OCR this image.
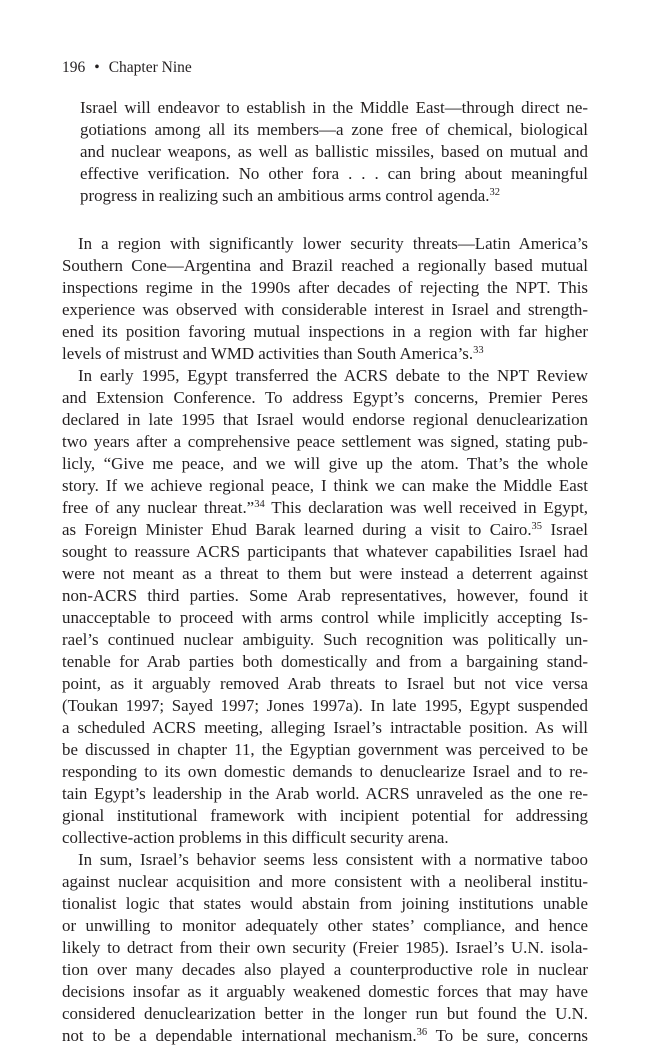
196 • Chapter Nine
Israel will endeavor to establish in the Middle East—through direct ne-
gotiations among all its members—a zone free of chemical, biological
and nuclear weapons, as well as ballistic missiles, based on mutual and
effective verification. No other fora . . . can bring about meaningful
progress in realizing such an ambitious arms control agenda.$^{32}$
In a region with significantly lower security threats—Latin America’s
Southern Cone—Argentina and Brazil reached a regionally based mutual
inspections regime in the 1990s after decades of rejecting the NPT. This
experience was observed with considerable interest in Israel and strength-
ened its position favoring mutual inspections in a region with far higher
levels of mistrust and WMD activities than South America’s.$^{33}$
In early 1995, Egypt transferred the ACRS debate to the NPT Review
and Extension Conference. To address Egypt’s concerns, Premier Peres
declared in late 1995 that Israel would endorse regional denuclearization
two years after a comprehensive peace settlement was signed, stating pub-
licly, “Give me peace, and we will give up the atom. That’s the whole
story. If we achieve regional peace, I think we can make the Middle East
free of any nuclear threat.”$^{34}$ This declaration was well received in Egypt,
as Foreign Minister Ehud Barak learned during a visit to Cairo.$^{35}$ Israel
sought to reassure ACRS participants that whatever capabilities Israel had
were not meant as a threat to them but were instead a deterrent against
non-ACRS third parties. Some Arab representatives, however, found it
unacceptable to proceed with arms control while implicitly accepting Is-
rael’s continued nuclear ambiguity. Such recognition was politically un-
tenable for Arab parties both domestically and from a bargaining stand-
point, as it arguably removed Arab threats to Israel but not vice versa
(Toukan 1997; Sayed 1997; Jones 1997a). In late 1995, Egypt suspended
a scheduled ACRS meeting, alleging Israel’s intractable position. As will
be discussed in chapter 11, the Egyptian government was perceived to be
responding to its own domestic demands to denuclearize Israel and to re-
tain Egypt’s leadership in the Arab world. ACRS unraveled as the one re-
gional institutional framework with incipient potential for addressing
collective-action problems in this difficult security arena.
In sum, Israel’s behavior seems less consistent with a normative taboo
against nuclear acquisition and more consistent with a neoliberal institu-
tionalist logic that states would abstain from joining institutions unable
or unwilling to monitor adequately other states’ compliance, and hence
likely to detract from their own security (Freier 1985). Israel’s U.N. isola-
tion over many decades also played a counterproductive role in nuclear
decisions insofar as it arguably weakened domestic forces that may have
considered denuclearization better in the longer run but found the U.N.
not to be a dependable international mechanism.$^{36}$ To be sure, concerns
